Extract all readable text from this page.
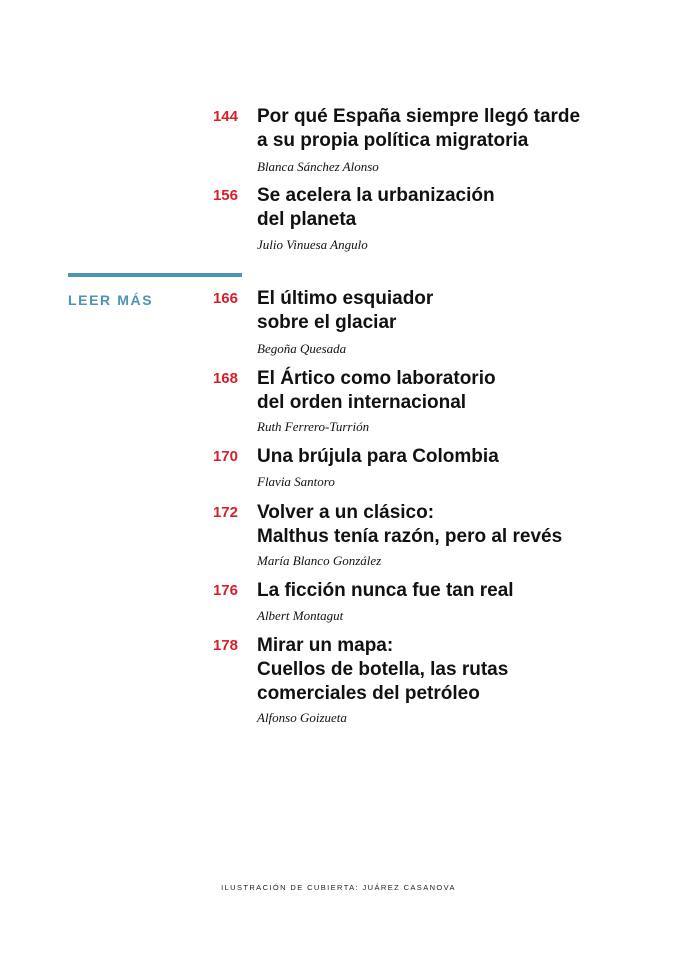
144 Por qué España siempre llegó tarde
a su propia política migratoria
Blanca Sánchez Alonso
156 Se acelera la urbanización
del planeta
Julio Vinuesa Angulo
LEER MÁS	166 El último esquiador
sobre el glaciar
Begoña Quesada
168 El Ártico como laboratorio
del orden internacional
Ruth Ferrero-Turrión
170 Una brújula para Colombia
Flavia Santoro
172 Volver a un clásico:
Malthus tenía razón, pero al revés
María Blanco González
176 La ficción nunca fue tan real
Albert Montagut
178 Mirar un mapa:
Cuellos de botella, las rutas
comerciales del petróleo
Alfonso Goizueta
ILUSTRACIÓN DE CUBIERTA: JUÁREZ CASANOVA
